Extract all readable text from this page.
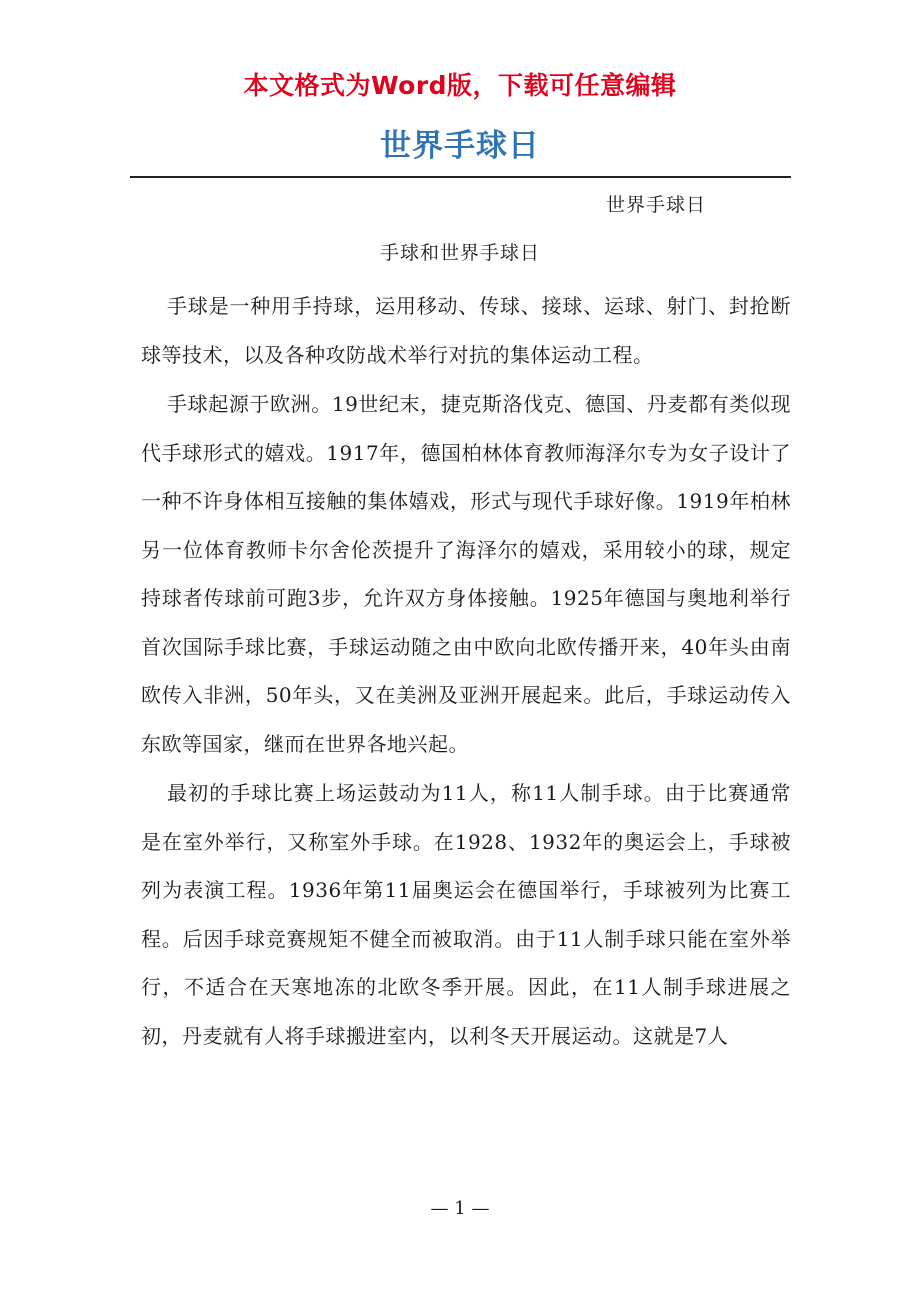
本文格式为Word版，下载可任意编辑
世界手球日
世界手球日
手球和世界手球日

手球是一种用手持球，运用移动、传球、接球、运球、射门、封抢断球等技术，以及各种攻防战术举行对抗的集体运动工程。

手球起源于欧洲。19世纪末，捷克斯洛伐克、德国、丹麦都有类似现代手球形式的嬉戏。1917年，德国柏林体育教师海泽尔专为女子设计了一种不许身体相互接触的集体嬉戏，形式与现代手球好像。1919年柏林另一位体育教师卡尔舍伦茨提升了海泽尔的嬉戏，采用较小的球，规定持球者传球前可跑3步，允许双方身体接触。1925年德国与奥地利举行首次国际手球比赛，手球运动随之由中欧向北欧传播开来，40年头由南欧传入非洲，50年头，又在美洲及亚洲开展起来。此后，手球运动传入东欧等国家，继而在世界各地兴起。

最初的手球比赛上场运鼓动为11人，称11人制手球。由于比赛通常是在室外举行，又称室外手球。在1928、1932年的奥运会上，手球被列为表演工程。1936年第11届奥运会在德国举行，手球被列为比赛工程。后因手球竞赛规矩不健全而被取消。由于11人制手球只能在室外举行，不适合在天寒地冻的北欧冬季开展。因此，在11人制手球进展之初，丹麦就有人将手球搬进室内，以利冬天开展运动。这就是7人

— 1 —
